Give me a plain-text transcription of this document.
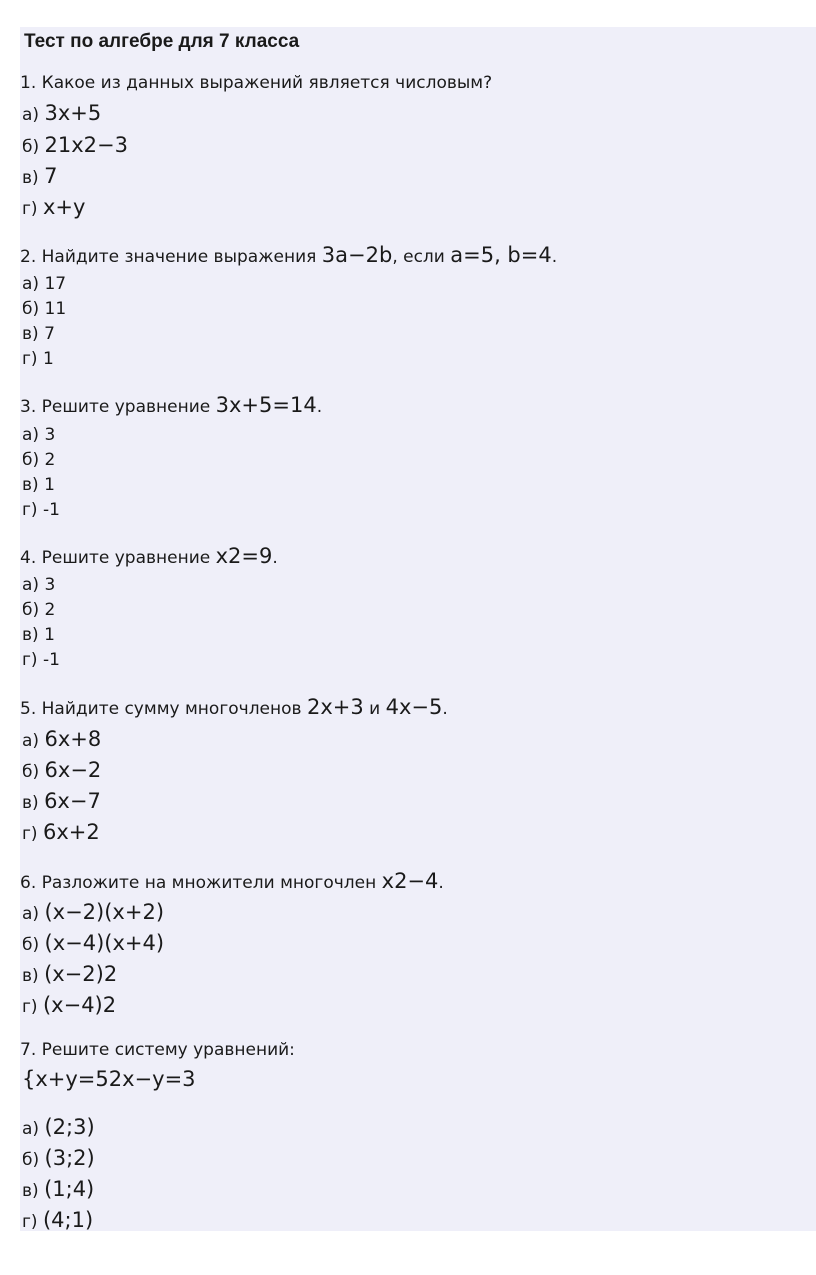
Тест по алгебре для 7 класса
1. Какое из данных выражений является числовым?
а) 3x+5
б) 21x2−3
в) 7
г) x+y
2. Найдите значение выражения 3a−2b, если a=5, b=4.
а) 17
б) 11
в) 7
г) 1
3. Решите уравнение 3x+5=14.
а) 3
б) 2
в) 1
г) -1
4. Решите уравнение x2=9.
а) 3
б) 2
в) 1
г) -1
5. Найдите сумму многочленов 2x+3 и 4x−5.
а) 6x+8
б) 6x−2
в) 6x−7
г) 6x+2
6. Разложите на множители многочлен x2−4.
а) (x−2)(x+2)
б) (x−4)(x+4)
в) (x−2)2
г) (x−4)2
7. Решите систему уравнений:
{x+y=52x−y=3
а) (2;3)
б) (3;2)
в) (1;4)
г) (4;1)
